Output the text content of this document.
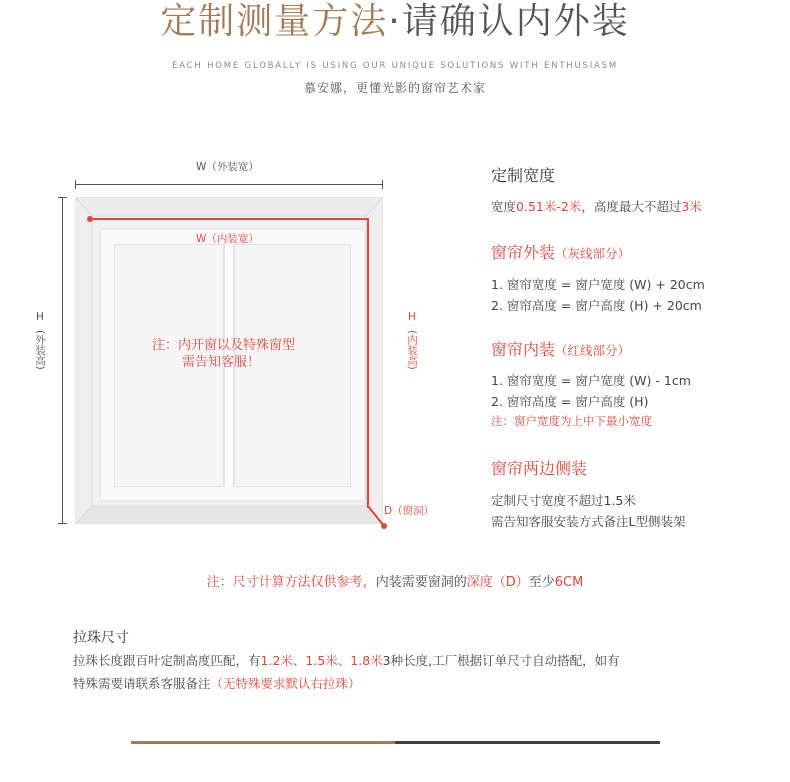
定制测量方法·请确认内外装
EACH HOME GLOBALLY IS USING OUR UNIQUE SOLUTIONS WITH ENTHUSIASM
慕安娜，更懂光影的窗帘艺术家
W（外装宽）
H
(外装高)
W（内装宽）
H
(内装高)
D（窗洞）
注：内开窗以及特殊窗型
需告知客服！
定制宽度
宽度0.51米-2米，高度最大不超过3米
窗帘外装（灰线部分）
1. 窗帘宽度 = 窗户宽度 (W) + 20cm
2. 窗帘高度 = 窗户高度 (H) + 20cm
窗帘内装（红线部分）
1. 窗帘宽度 = 窗户宽度 (W) - 1cm
2. 窗帘高度 = 窗户高度 (H)
注：窗户宽度为上中下最小宽度
窗帘两边侧装
定制尺寸宽度不超过1.5米
需告知客服安装方式备注L型侧装架
注：尺寸计算方法仅供参考，内装需要窗洞的深度（D）至少6CM
拉珠尺寸
拉珠长度跟百叶定制高度匹配，有1.2米、1.5米、1.8米3种长度,工厂根据订单尺寸自动搭配，如有
特殊需要请联系客服备注（无特殊要求默认右拉珠）
